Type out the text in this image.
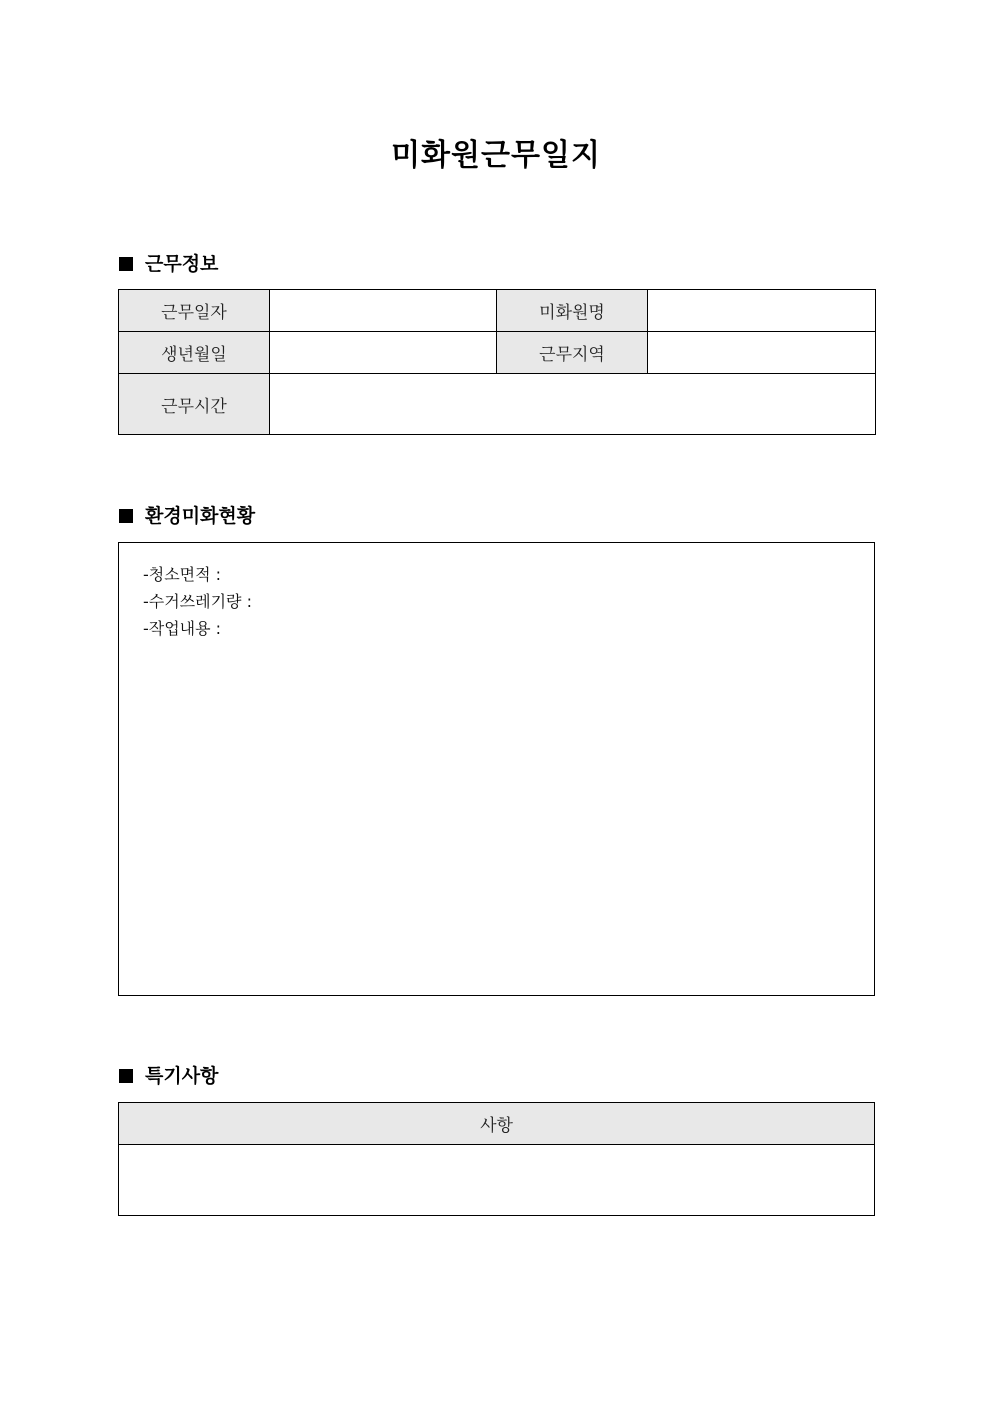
미화원근무일지
근무정보
근무일자		미화원명	
생년월일		근무지역	
근무시간			
환경미화현황
-청소면적 :
-수거쓰레기량 :
-작업내용 :
특기사항
사항
